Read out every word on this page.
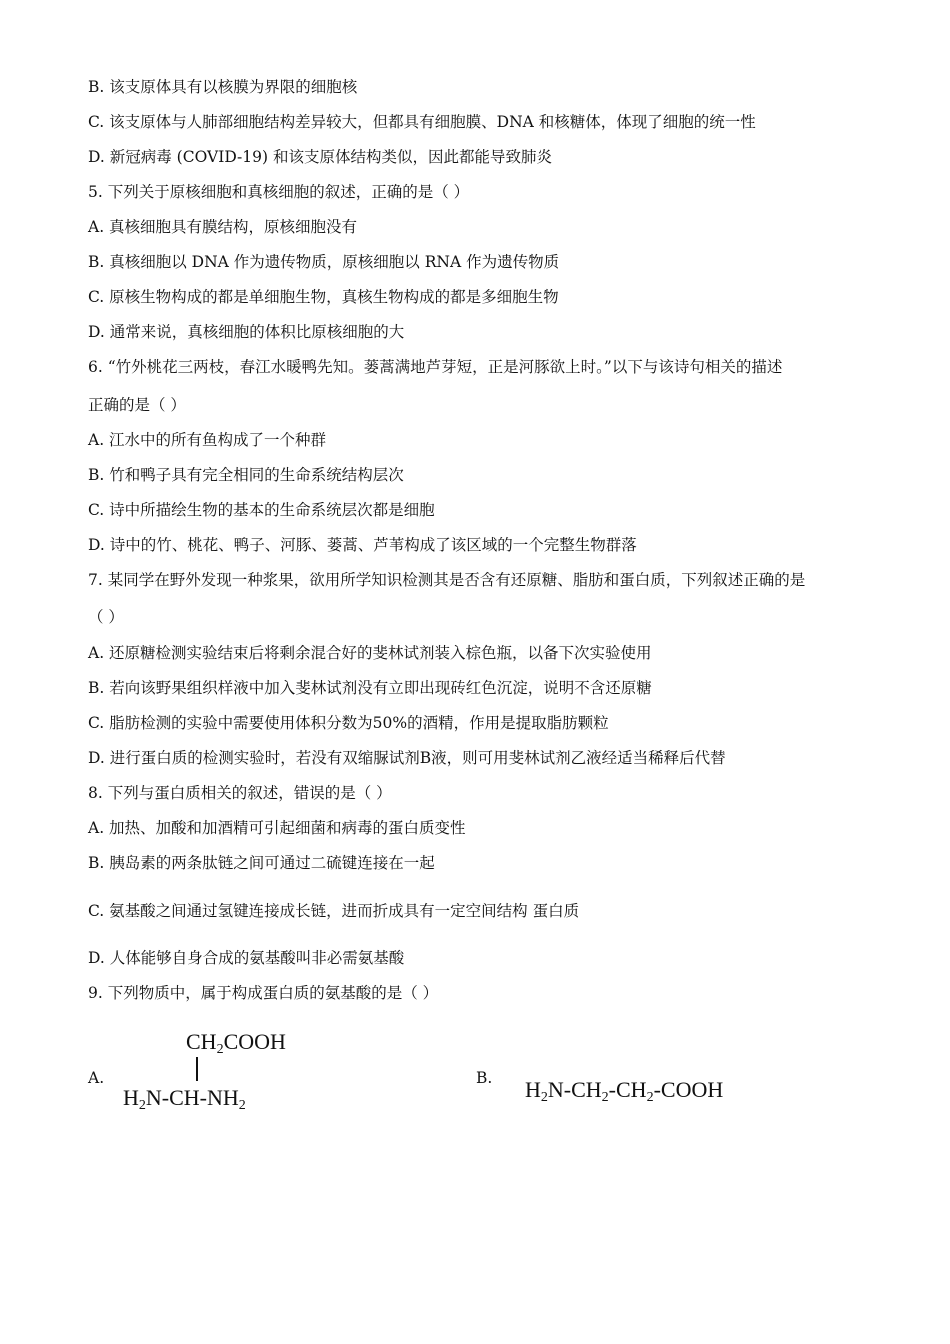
B. 该支原体具有以核膜为界限的细胞核
C. 该支原体与人肺部细胞结构差异较大，但都具有细胞膜、DNA 和核糖体，体现了细胞的统一性
D. 新冠病毒 (COVID-19) 和该支原体结构类似，因此都能导致肺炎
5. 下列关于原核细胞和真核细胞的叙述，正确的是（ ）
A. 真核细胞具有膜结构，原核细胞没有
B. 真核细胞以 DNA 作为遗传物质，原核细胞以 RNA 作为遗传物质
C. 原核生物构成的都是单细胞生物，真核生物构成的都是多细胞生物
D. 通常来说，真核细胞的体积比原核细胞的大
6. “竹外桃花三两枝，春江水暖鸭先知。蒌蒿满地芦芽短，正是河豚欲上时。”以下与该诗句相关的描述
正确的是（ ）
A. 江水中的所有鱼构成了一个种群
B. 竹和鸭子具有完全相同的生命系统结构层次
C. 诗中所描绘生物的基本的生命系统层次都是细胞
D. 诗中的竹、桃花、鸭子、河豚、蒌蒿、芦苇构成了该区域的一个完整生物群落
7. 某同学在野外发现一种浆果，欲用所学知识检测其是否含有还原糖、脂肪和蛋白质，下列叙述正确的是
（ ）
A. 还原糖检测实验结束后将剩余混合好的斐林试剂装入棕色瓶，以备下次实验使用
B. 若向该野果组织样液中加入斐林试剂没有立即出现砖红色沉淀，说明不含还原糖
C. 脂肪检测的实验中需要使用体积分数为50%的酒精，作用是提取脂肪颗粒
D. 进行蛋白质的检测实验时，若没有双缩脲试剂B液，则可用斐林试剂乙液经适当稀释后代替
8. 下列与蛋白质相关的叙述，错误的是（ ）
A. 加热、加酸和加酒精可引起细菌和病毒的蛋白质变性
B. 胰岛素的两条肽链之间可通过二硫键连接在一起
C. 氨基酸之间通过氢键连接成长链，进而折成具有一定空间结构 蛋白质
D. 人体能够自身合成的氨基酸叫非必需氨基酸
9. 下列物质中，属于构成蛋白质的氨基酸的是（ ）
A.
$CH_2COOH$
$H_2N-CH-NH_2$
B. $H_2N-CH_2-CH_2$-COOH
